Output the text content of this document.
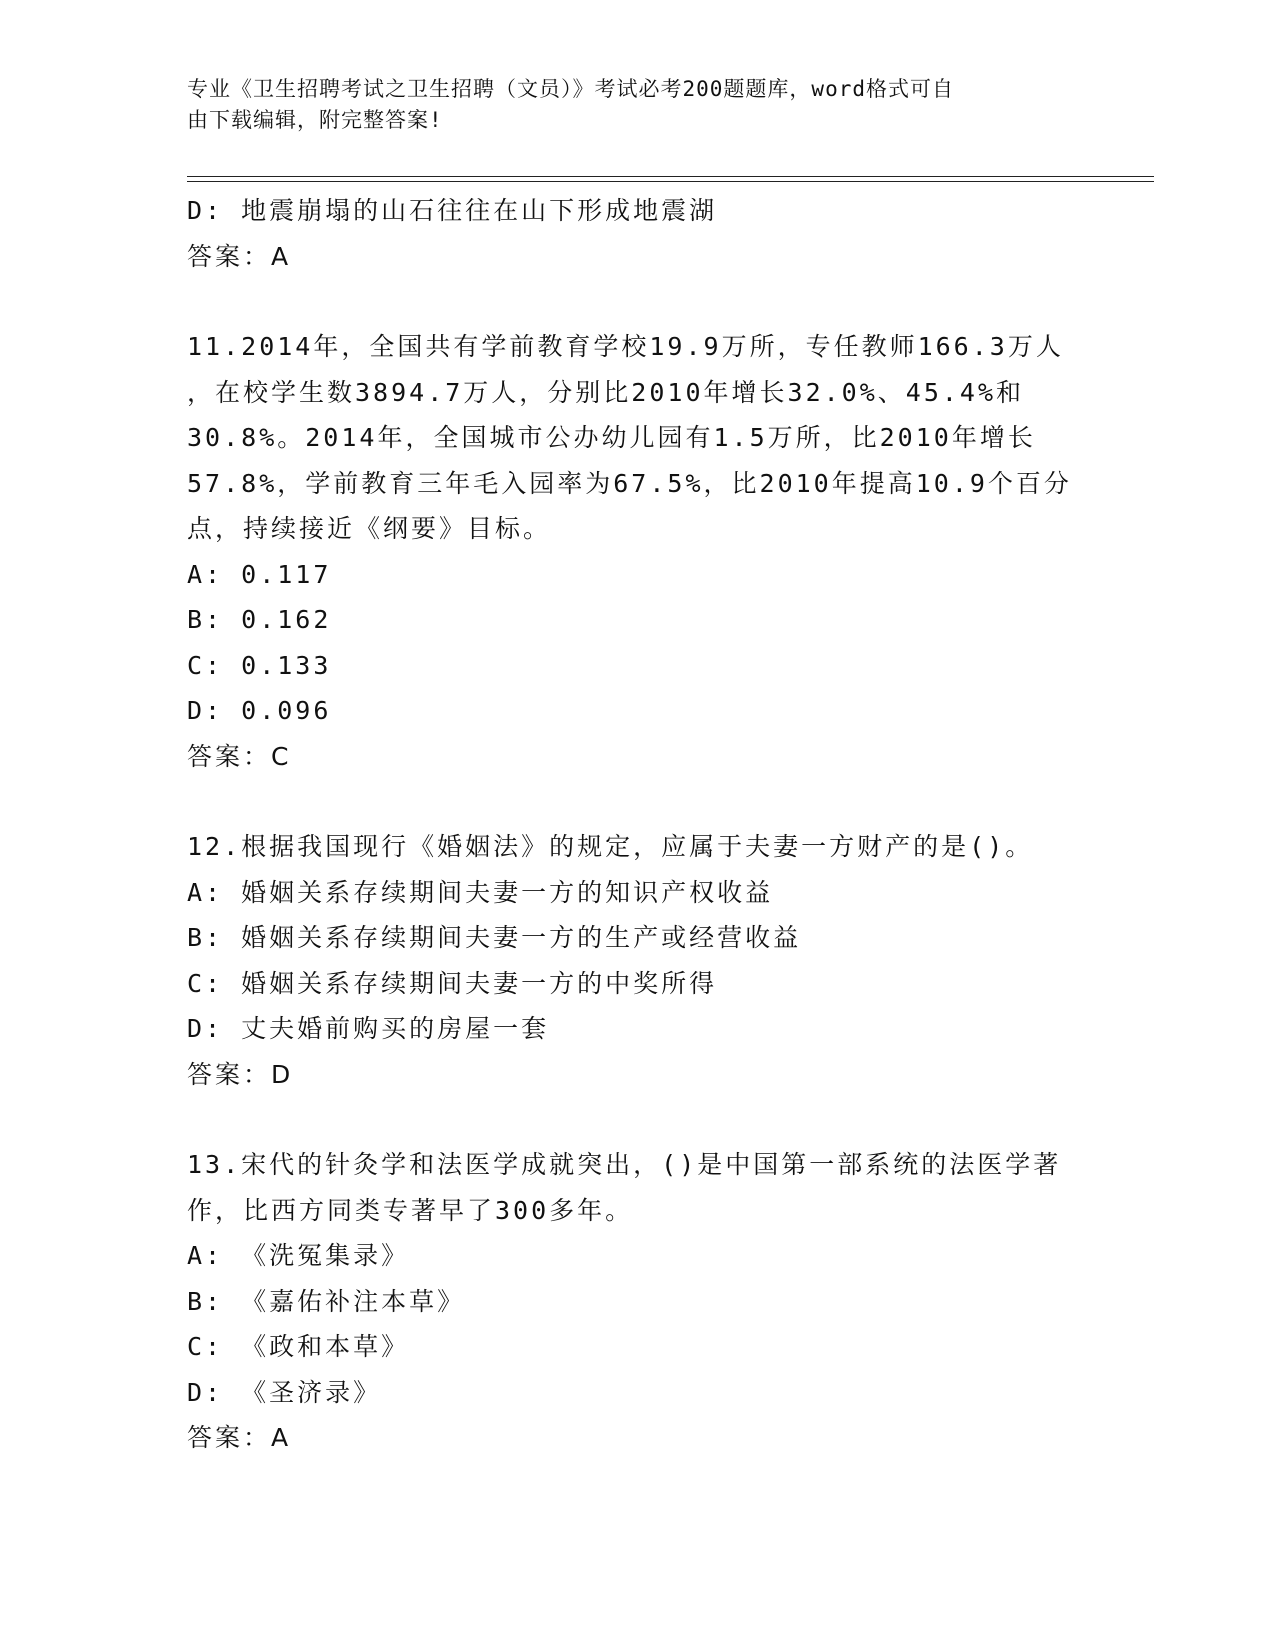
专业《卫生招聘考试之卫生招聘（文员）》考试必考200题题库，word格式可自
由下载编辑，附完整答案!
D: 地震崩塌的山石往往在山下形成地震湖
答案：A
11.2014年，全国共有学前教育学校19.9万所，专任教师166.3万人
，在校学生数3894.7万人，分别比2010年增长32.0%、45.4%和
30.8%。2014年，全国城市公办幼儿园有1.5万所，比2010年增长
57.8%，学前教育三年毛入园率为67.5%，比2010年提高10.9个百分
点，持续接近《纲要》目标。
A: 0.117
B: 0.162
C: 0.133
D: 0.096
答案：C
12.根据我国现行《婚姻法》的规定，应属于夫妻一方财产的是()。
A: 婚姻关系存续期间夫妻一方的知识产权收益
B: 婚姻关系存续期间夫妻一方的生产或经营收益
C: 婚姻关系存续期间夫妻一方的中奖所得
D: 丈夫婚前购买的房屋一套
答案：D
13.宋代的针灸学和法医学成就突出，()是中国第一部系统的法医学著
作，比西方同类专著早了300多年。
A: 《洗冤集录》
B: 《嘉佑补注本草》
C: 《政和本草》
D: 《圣济录》
答案：A
